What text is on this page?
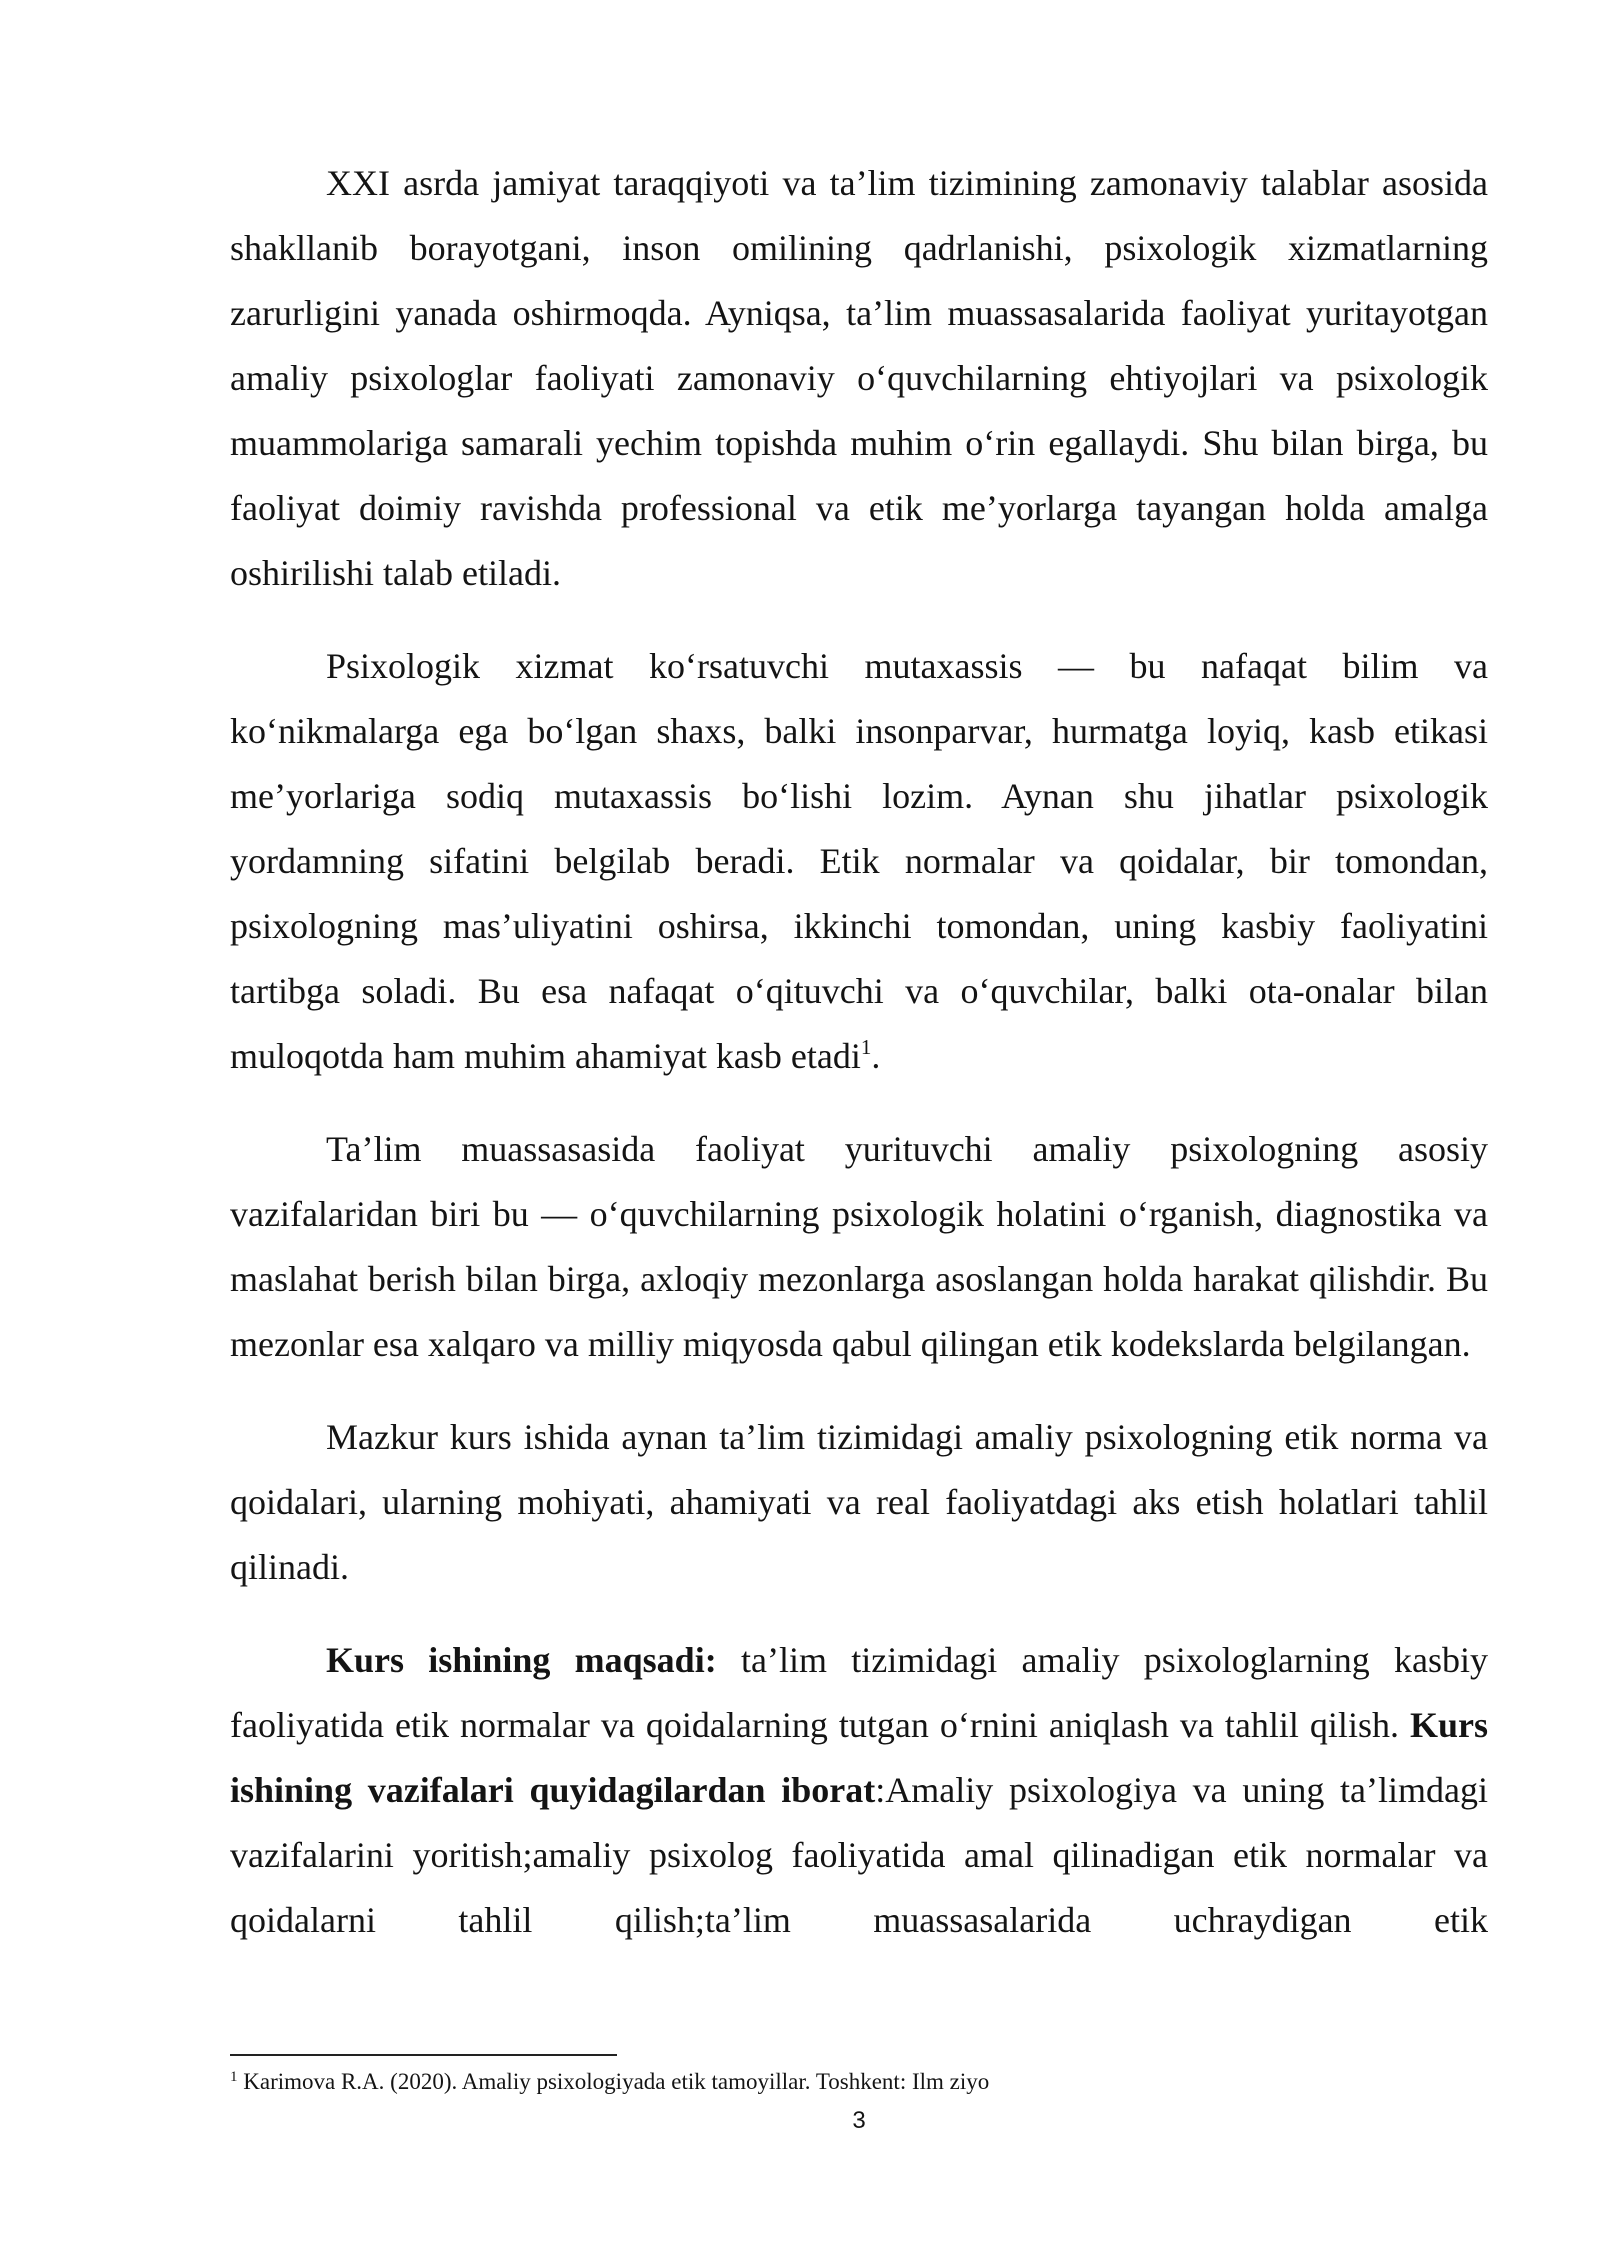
XXI asrda jamiyat taraqqiyoti va ta’lim tizimining zamonaviy talablar asosida shakllanib borayotgani, inson omilining qadrlanishi, psixologik xizmatlarning zarurligini yanada oshirmoqda. Ayniqsa, ta’lim muassasalarida faoliyat yuritayotgan amaliy psixologlar faoliyati zamonaviy o‘quvchilarning ehtiyojlari va psixologik muammolariga samarali yechim topishda muhim o‘rin egallaydi. Shu bilan birga, bu faoliyat doimiy ravishda professional va etik me’yorlarga tayangan holda amalga oshirilishi talab etiladi.

Psixologik xizmat ko‘rsatuvchi mutaxassis — bu nafaqat bilim va ko‘nikmalarga ega bo‘lgan shaxs, balki insonparvar, hurmatga loyiq, kasb etikasi me’yorlariga sodiq mutaxassis bo‘lishi lozim. Aynan shu jihatlar psixologik yordamning sifatini belgilab beradi. Etik normalar va qoidalar, bir tomondan, psixologning mas’uliyatini oshirsa, ikkinchi tomondan, uning kasbiy faoliyatini tartibga soladi. Bu esa nafaqat o‘qituvchi va o‘quvchilar, balki ota-onalar bilan muloqotda ham muhim ahamiyat kasb etadi$^1$.

Ta’lim muassasasida faoliyat yurituvchi amaliy psixologning asosiy vazifalaridan biri bu — o‘quvchilarning psixologik holatini o‘rganish, diagnostika va maslahat berish bilan birga, axloqiy mezonlarga asoslangan holda harakat qilishdir. Bu mezonlar esa xalqaro va milliy miqyosda qabul qilingan etik kodekslarda belgilangan.

Mazkur kurs ishida aynan ta’lim tizimidagi amaliy psixologning etik norma va qoidalari, ularning mohiyati, ahamiyati va real faoliyatdagi aks etish holatlari tahlil qilinadi.

Kurs ishining maqsadi: ta’lim tizimidagi amaliy psixologlarning kasbiy faoliyatida etik normalar va qoidalarning tutgan o‘rnini aniqlash va tahlil qilish. Kurs ishining vazifalari quyidagilardan iborat:Amaliy psixologiya va uning ta’limdagi vazifalarini yoritish;amaliy psixolog faoliyatida amal qilinadigan etik normalar va qoidalarni tahlil qilish;ta’lim muassasalarida uchraydigan etik

$^1$ Karimova R.A. (2020). Amaliy psixologiyada etik tamoyillar. Toshkent: Ilm ziyo
3
